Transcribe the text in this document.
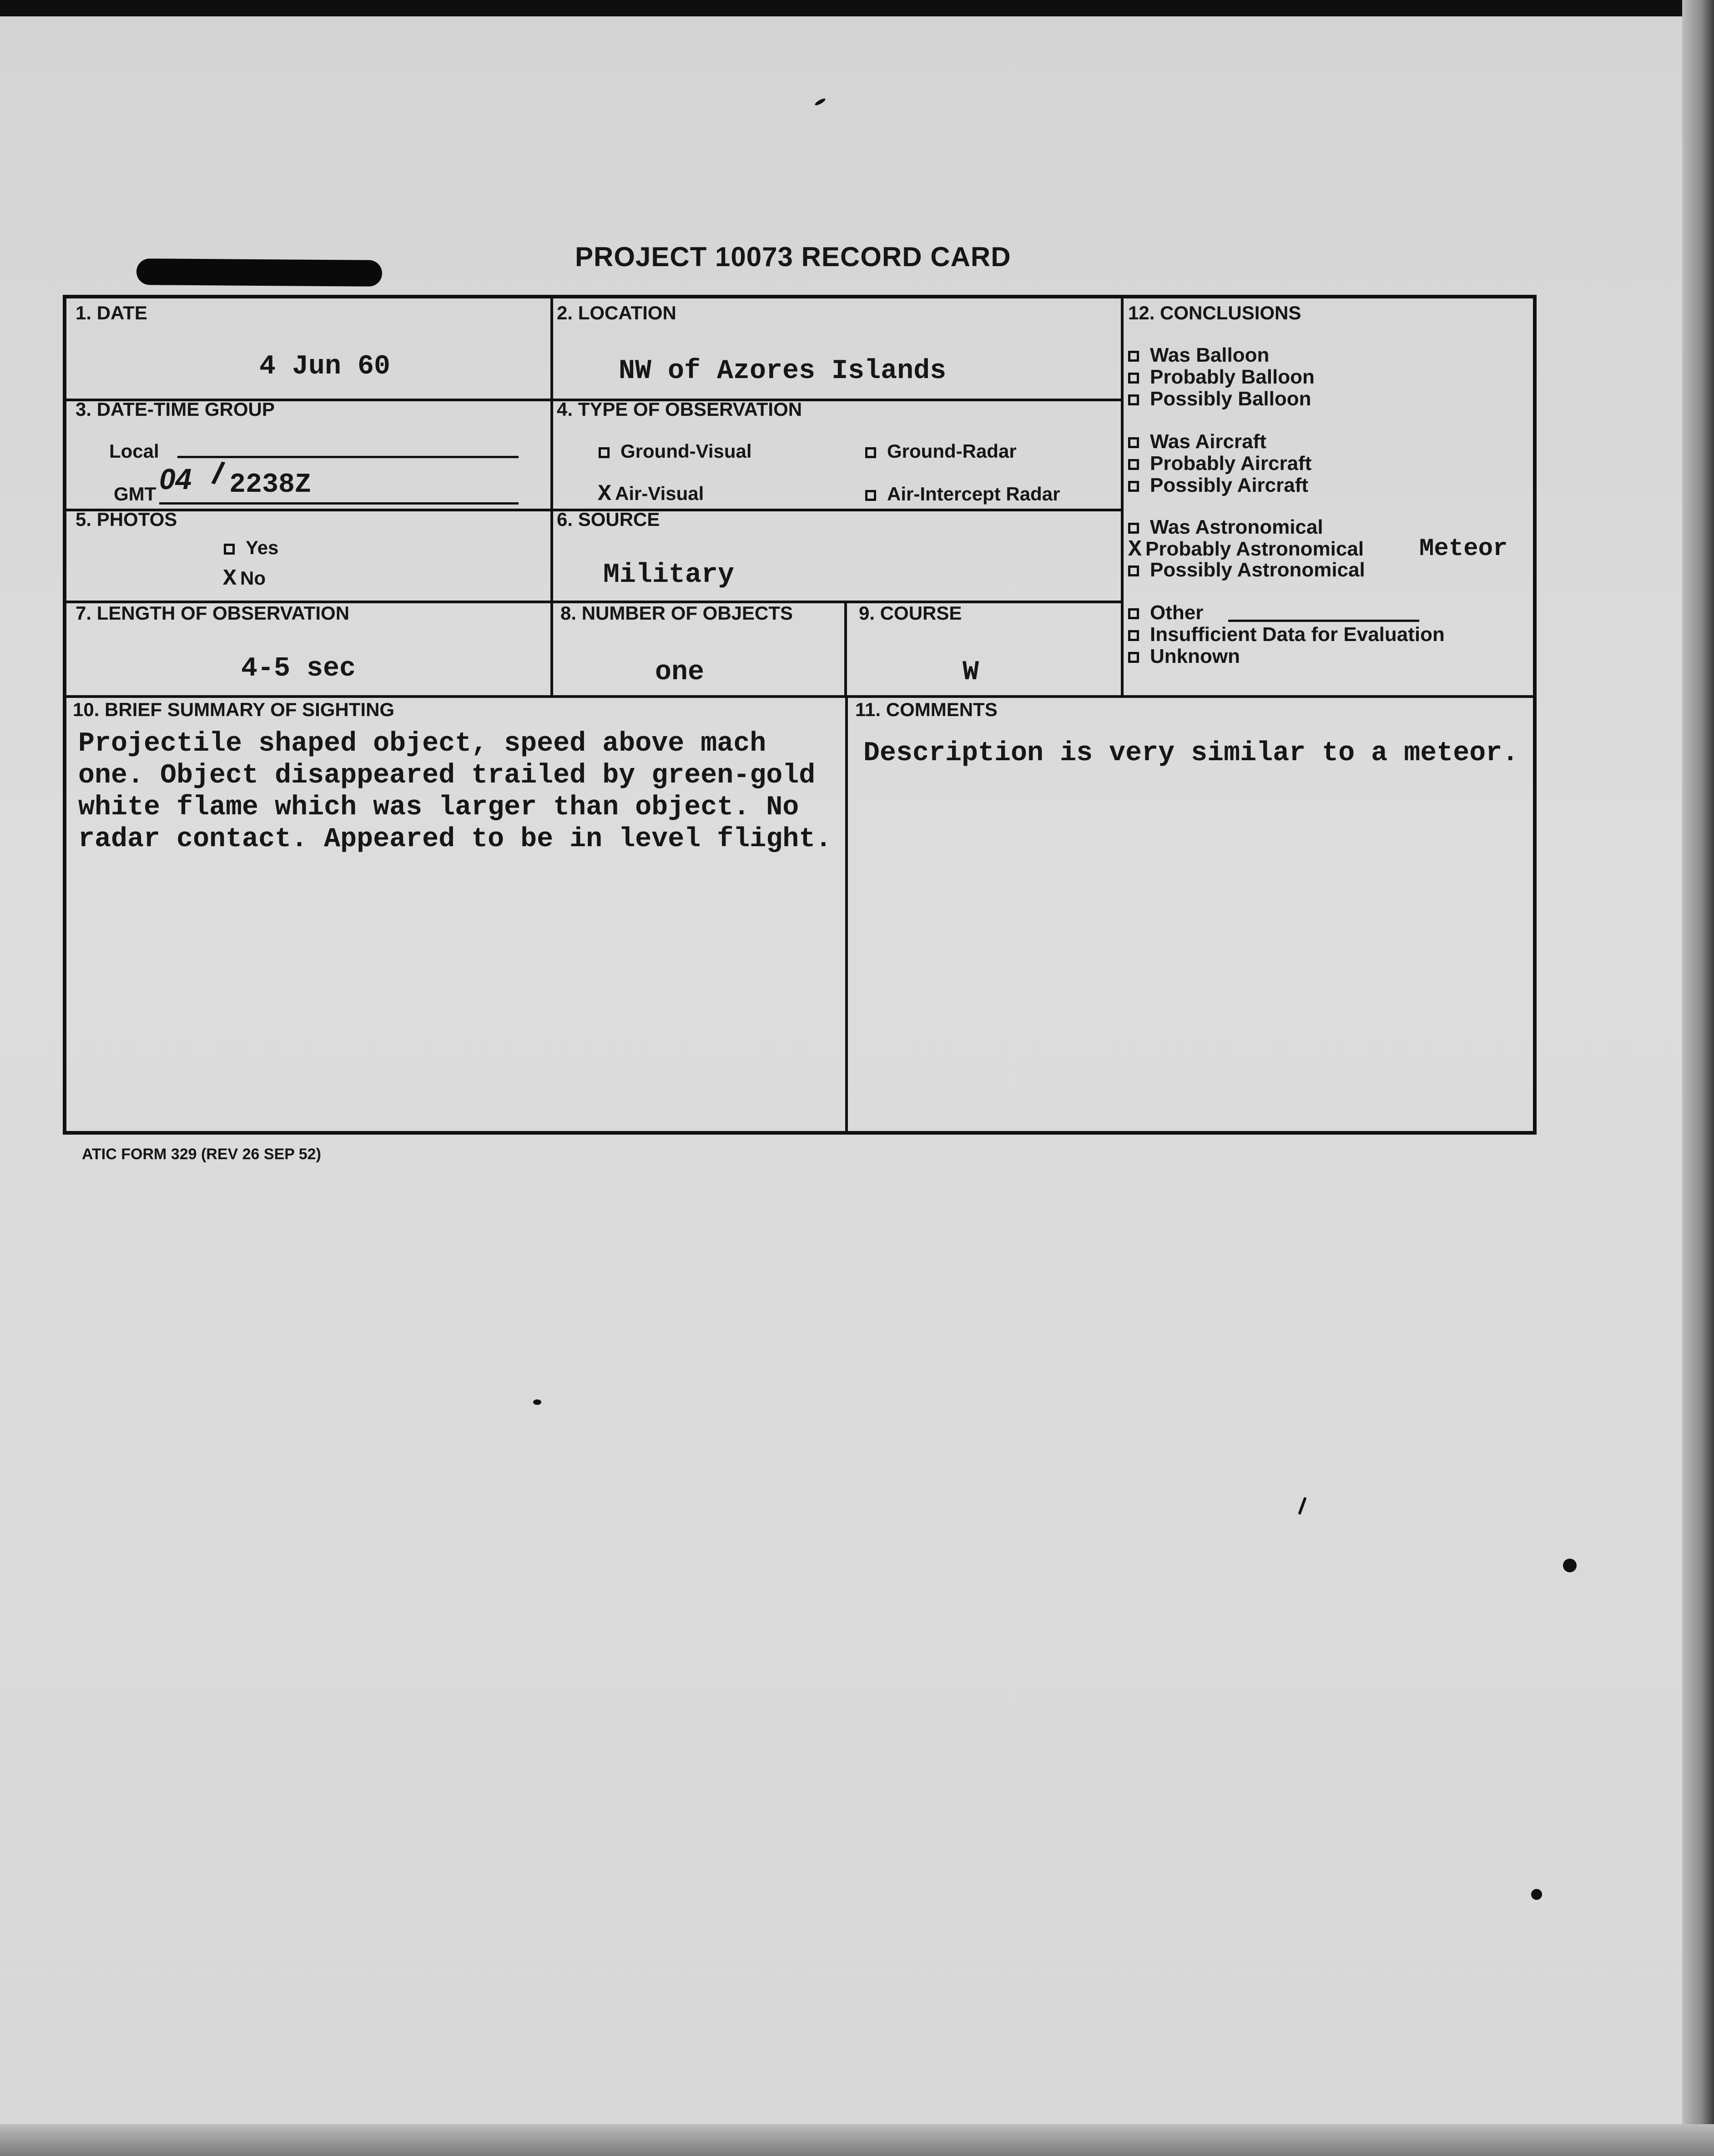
PROJECT 10073 RECORD CARD
1. DATE
4 Jun 60
2. LOCATION
NW of Azores Islands
3. DATE-TIME GROUP
Local
GMT 04 / 2238Z
4. TYPE OF OBSERVATION
Ground-Visual	Ground-Radar
X Air-Visual	Air-Intercept Radar
5. PHOTOS
Yes
X No
6. SOURCE
Military
7. LENGTH OF OBSERVATION
4-5 sec
8. NUMBER OF OBJECTS
one
9. COURSE
W
10. BRIEF SUMMARY OF SIGHTING
Projectile shaped object, speed above mach
one. Object disappeared trailed by green-gold
white flame which was larger than object. No
radar contact. Appeared to be in level flight.
11. COMMENTS
Description is very similar to a meteor.
12. CONCLUSIONS
Was Balloon
Probably Balloon
Possibly Balloon
Was Aircraft
Probably Aircraft
Possibly Aircraft
Was Astronomical
X Probably Astronomical
Possibly Astronomical
Meteor
Other
Insufficient Data for Evaluation
Unknown
ATIC FORM 329 (REV 26 SEP 52)
